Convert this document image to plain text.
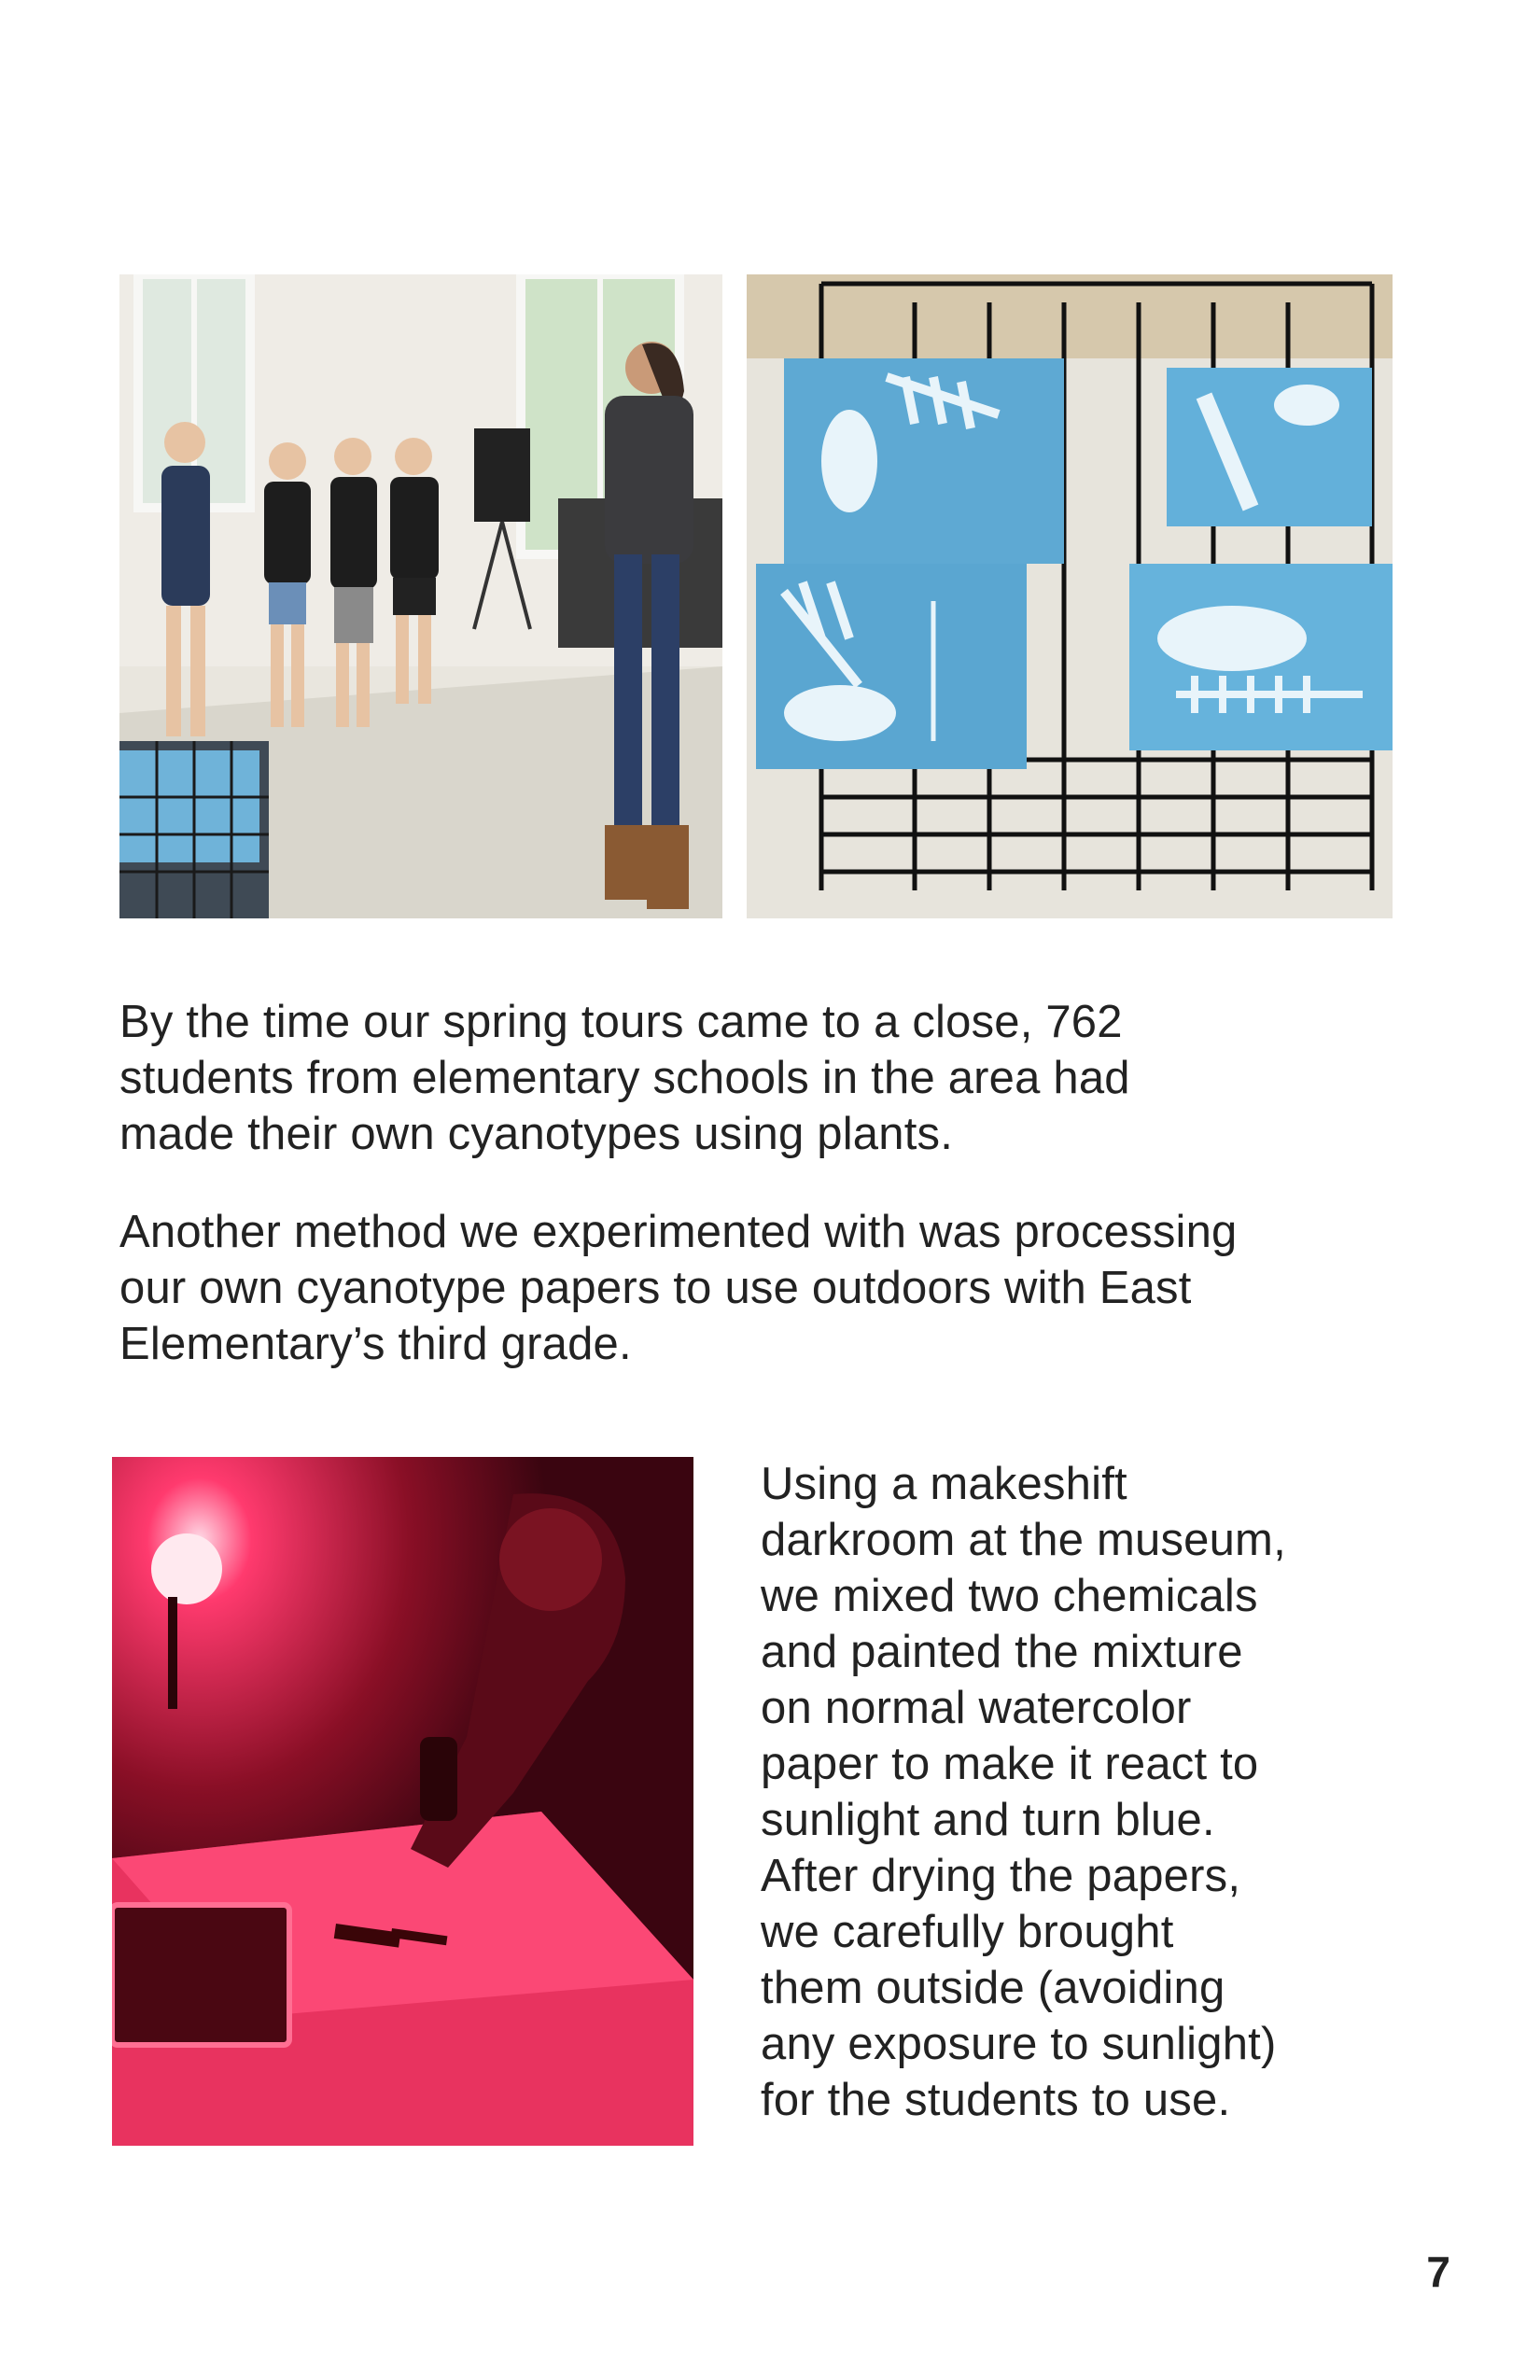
By the time our spring tours came to a close, 762
students from elementary schools in the area had
made their own cyanotypes using plants.

Another method we experimented with was processing
our own cyanotype papers to use outdoors with East
Elementary’s third grade.

Using a makeshift
darkroom at the museum,
we mixed two chemicals
and painted the mixture
on normal watercolor
paper to make it react to
sunlight and turn blue.
After drying the papers,
we carefully brought
them outside (avoiding
any exposure to sunlight)
for the students to use.

7
